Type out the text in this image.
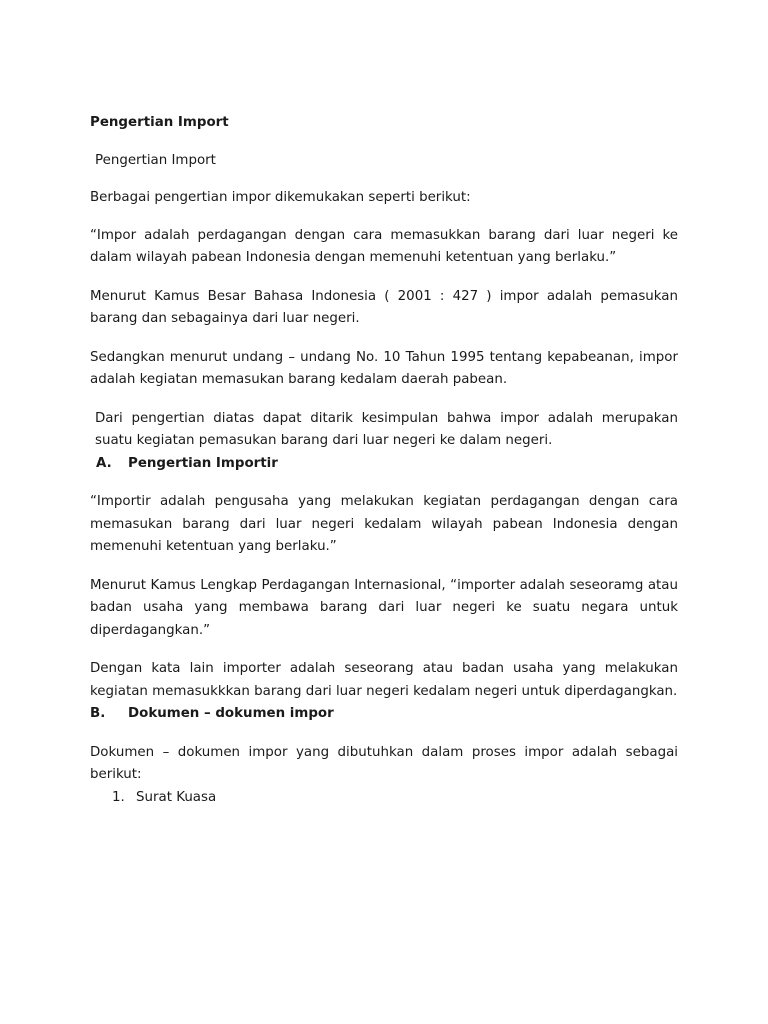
Pengertian Import

Pengertian Import

Berbagai pengertian impor dikemukakan seperti berikut:

“Impor adalah perdagangan dengan cara memasukkan barang dari luar negeri ke dalam wilayah pabean Indonesia dengan memenuhi ketentuan yang berlaku.”

Menurut Kamus Besar Bahasa Indonesia ( 2001 : 427 ) impor adalah pemasukan barang dan sebagainya dari luar negeri.

Sedangkan menurut undang – undang No. 10 Tahun 1995 tentang kepabeanan, impor adalah kegiatan memasukan barang kedalam daerah pabean.

Dari pengertian diatas dapat ditarik kesimpulan bahwa impor adalah merupakan suatu kegiatan pemasukan barang dari luar negeri ke dalam negeri.

A.	Pengertian Importir

“Importir adalah pengusaha yang melakukan kegiatan perdagangan dengan cara memasukan barang dari luar negeri kedalam wilayah pabean Indonesia dengan memenuhi ketentuan yang berlaku.”

Menurut Kamus Lengkap Perdagangan Internasional, “importer adalah seseoramg atau badan usaha yang membawa barang dari luar negeri ke suatu negara untuk diperdagangkan.”

Dengan kata lain importer adalah seseorang atau badan usaha yang melakukan kegiatan memasukkkan barang dari luar negeri kedalam negeri untuk diperdagangkan.

B.	Dokumen – dokumen impor

Dokumen – dokumen impor yang dibutuhkan dalam proses impor adalah sebagai berikut:

1. Surat Kuasa
